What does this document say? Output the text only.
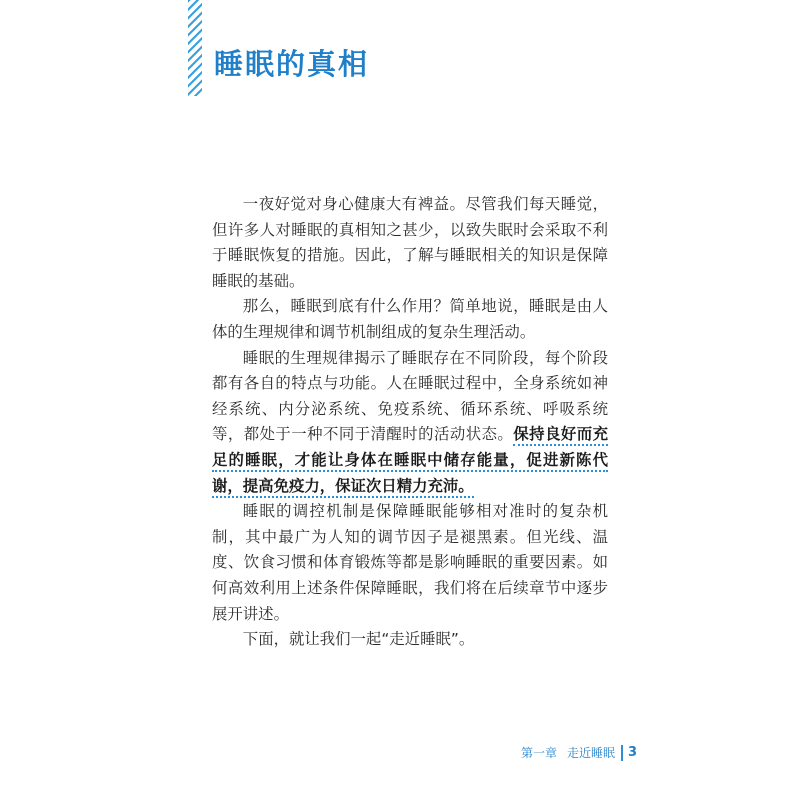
睡眠的真相

一夜好觉对身心健康大有裨益。尽管我们每天睡觉，但许多人对睡眠的真相知之甚少，以致失眠时会采取不利于睡眠恢复的措施。因此，了解与睡眠相关的知识是保障睡眠的基础。

那么，睡眠到底有什么作用？简单地说，睡眠是由人体的生理规律和调节机制组成的复杂生理活动。

睡眠的生理规律揭示了睡眠存在不同阶段，每个阶段都有各自的特点与功能。人在睡眠过程中，全身系统如神经系统、内分泌系统、免疫系统、循环系统、呼吸系统等，都处于一种不同于清醒时的活动状态。保持良好而充足的睡眠，才能让身体在睡眠中储存能量，促进新陈代谢，提高免疫力，保证次日精力充沛。

睡眠的调控机制是保障睡眠能够相对准时的复杂机制，其中最广为人知的调节因子是褪黑素。但光线、温度、饮食习惯和体育锻炼等都是影响睡眠的重要因素。如何高效利用上述条件保障睡眠，我们将在后续章节中逐步展开讲述。

下面，就让我们一起“走近睡眠”。

第一章 走近睡眠 3
